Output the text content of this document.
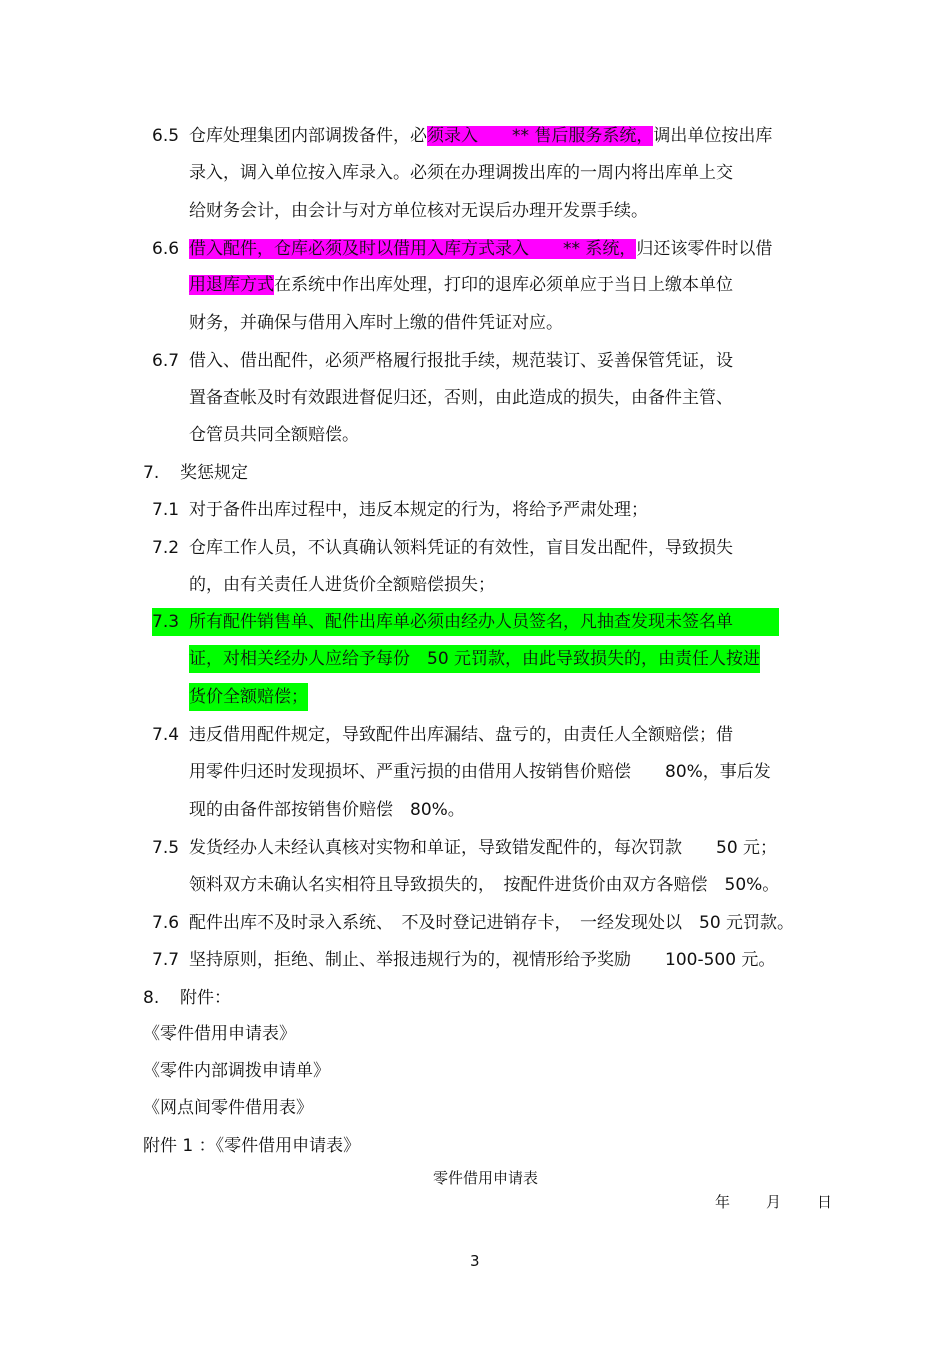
6.5 仓库处理集团内部调拨备件，必须录入　　** 售后服务系统，调出单位按出库
录入，调入单位按入库录入。必须在办理调拨出库的一周内将出库单上交
给财务会计，由会计与对方单位核对无误后办理开发票手续。
6.6 借入配件，仓库必须及时以借用入库方式录入　　** 系统，归还该零件时以借
用退库方式在系统中作出库处理，打印的退库必须单应于当日上缴本单位
财务，并确保与借用入库时上缴的借件凭证对应。
6.7 借入、借出配件，必须严格履行报批手续，规范装订、妥善保管凭证，设
置备查帐及时有效跟进督促归还，否则，由此造成的损失，由备件主管、
仓管员共同全额赔偿。
7. 奖惩规定
7.1 对于备件出库过程中，违反本规定的行为，将给予严肃处理；
7.2 仓库工作人员，不认真确认领料凭证的有效性，盲目发出配件，导致损失
的，由有关责任人进货价全额赔偿损失；
7.3 所有配件销售单、配件出库单必须由经办人员签名，凡抽查发现未签名单
证，对相关经办人应给予每份　50 元罚款，由此导致损失的，由责任人按进
货价全额赔偿；
7.4 违反借用配件规定，导致配件出库漏结、盘亏的，由责任人全额赔偿；借
用零件归还时发现损坏、严重污损的由借用人按销售价赔偿　　80%，事后发
现的由备件部按销售价赔偿　80%。
7.5 发货经办人未经认真核对实物和单证，导致错发配件的，每次罚款　　50 元；
领料双方未确认名实相符且导致损失的，　按配件进货价由双方各赔偿　50%。
7.6 配件出库不及时录入系统、　不及时登记进销存卡，　一经发现处以　50 元罚款。
7.7 坚持原则，拒绝、制止、举报违规行为的，视情形给予奖励　　100-500 元。
8. 附件：
《零件借用申请表》
《零件内部调拨申请单》
《网点间零件借用表》
附件 1 ：《零件借用申请表》
零件借用申请表
年 月 日
3
